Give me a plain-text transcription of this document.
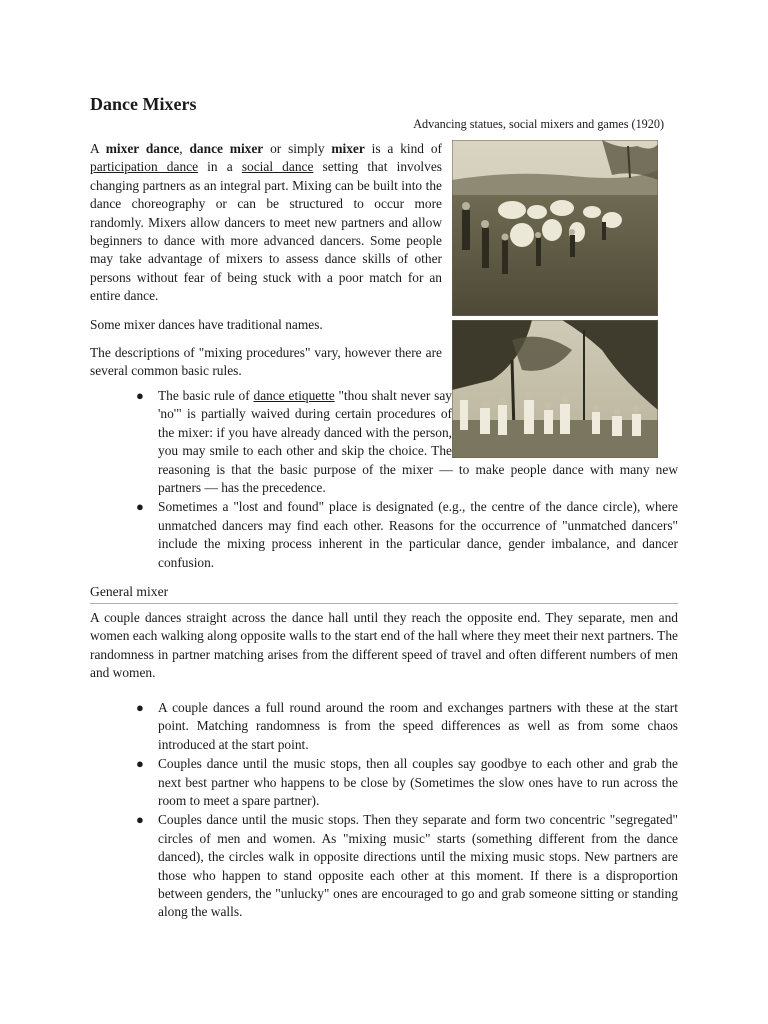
Dance Mixers
Advancing statues, social mixers and games (1920)

A mixer dance, dance mixer or simply mixer is a kind of participation dance in a social dance setting that involves changing partners as an integral part. Mixing can be built into the dance choreography or can be structured to occur more randomly. Mixers allow dancers to meet new partners and allow beginners to dance with more advanced dancers. Some people may take advantage of mixers to assess dance skills of other persons without fear of being stuck with a poor match for an entire dance.

Some mixer dances have traditional names.

The descriptions of "mixing procedures" vary, however there are several common basic rules.

● The basic rule of dance etiquette "thou shalt never say 'no'" is partially waived during certain procedures of the mixer: if you have already danced with the person, you may smile to each other and skip the choice. The reasoning is that the basic purpose of the mixer — to make people dance with many new partners — has the precedence.
● Sometimes a "lost and found" place is designated (e.g., the centre of the dance circle), where unmatched dancers may find each other. Reasons for the occurrence of "unmatched dancers" include the mixing process inherent in the particular dance, gender imbalance, and dancer confusion.
General mixer
A couple dances straight across the dance hall until they reach the opposite end. They separate, men and women each walking along opposite walls to the start end of the hall where they meet their next partners. The randomness in partner matching arises from the different speed of travel and often different numbers of men and women.
● A couple dances a full round around the room and exchanges partners with these at the start point. Matching randomness is from the speed differences as well as from some chaos introduced at the start point.
● Couples dance until the music stops, then all couples say goodbye to each other and grab the next best partner who happens to be close by (Sometimes the slow ones have to run across the room to meet a spare partner).
● Couples dance until the music stops. Then they separate and form two concentric "segregated" circles of men and women. As "mixing music" starts (something different from the dance danced), the circles walk in opposite directions until the mixing music stops. New partners are those who happen to stand opposite each other at this moment. If there is a disproportion between genders, the "unlucky" ones are encouraged to go and grab someone sitting or standing along the walls.
